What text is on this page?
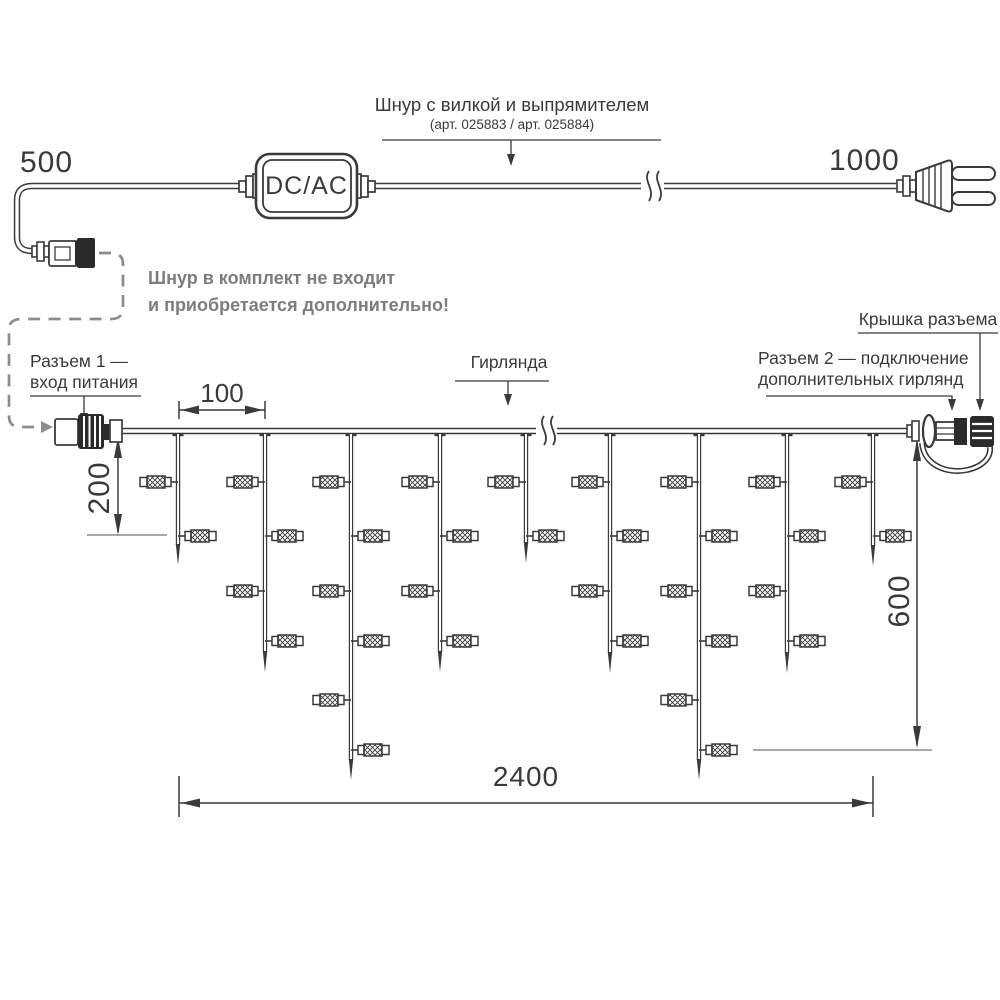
500	1000
DC/AC
Шнур с вилкой и выпрямителем
(арт. 025883 / арт. 025884)
Шнур в комплект не входит
и приобретается дополнительно!
Разъем 1 —
вход питания	100
Гирлянда
Крышка разъема
Разъем 2 — подключение
дополнительных гирлянд
200
600
2400
